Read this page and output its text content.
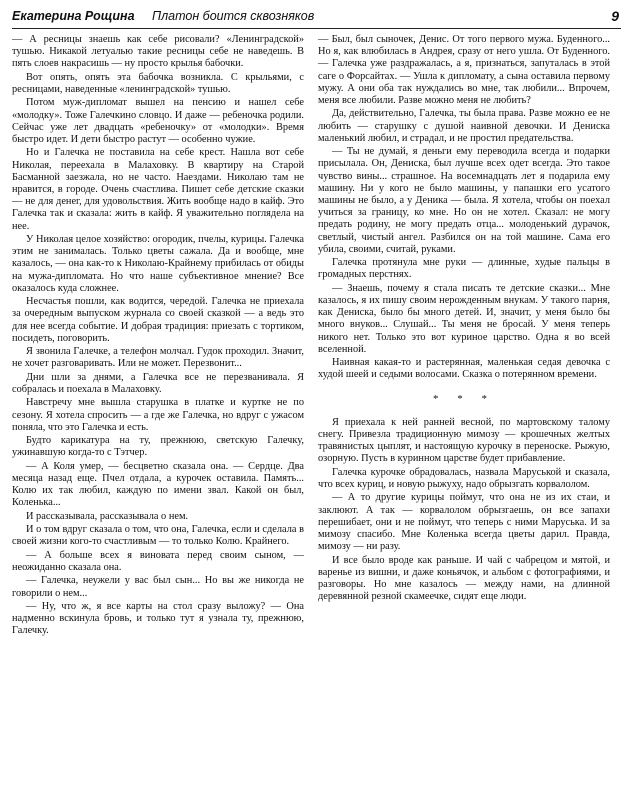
Екатерина Рощина Платон боится сквозняков	9

— А ресницы знаешь как себе рисовали? «Ленинградской» тушью. Никакой летуалью такие ресницы себе не наведешь. В пять слоев накрасишь — ну просто крылья бабочки.

Вот опять, опять эта бабочка возникла. С крыльями, с ресницами, наведенные «ленинградской» тушью.

Потом муж-дипломат вышел на пенсию и нашел себе «молодку». Тоже Галечкино словцо. И даже — ребеночка родили. Сейчас уже лет двадцать «ребеночку» от «молодки». Время быстро идет. И дети быстро растут — особенно чужие.

Но и Галечка не поставила на себе крест. Нашла вот себе Николая, переехала в Малаховку. В квартиру на Старой Басманной заезжала, но не часто. Наездами. Николаю там не нравится, в городе. Очень счастлива. Пишет себе детские сказки — не для денег, для удовольствия. Жить вообще надо в кайф. Это Галечка так и сказала: жить в кайф. Я уважительно поглядела на нее.

У Николая целое хозяйство: огородик, пчелы, курицы. Галечка этим не занималась. Только цветы сажала. Да и вообще, мне казалось, — она как-то к Николаю-Крайнему прибилась от обиды на мужа-дипломата. Но что наше субъективное мнение? Все оказалось куда сложнее.

Несчастья пошли, как водится, чередой. Галечка не приехала за очередным выпуском журнала со своей сказкой — а ведь это для нее всегда событие. И добрая традиция: приезать с тортиком, посидеть, поговорить.

Я звонила Галечке, а телефон молчал. Гудок проходил. Значит, не хочет разговаривать. Или не может. Перезвонит...

Дни шли за днями, а Галечка все не перезванивала. Я собралась и поехала в Малаховку.

Навстречу мне вышла старушка в платке и куртке не по сезону. Я хотела спросить — а где же Галечка, но вдруг с ужасом поняла, что это Галечка и есть.

Будто карикатура на ту, прежнюю, светскую Галечку, ужинавшую когда-то с Тэтчер.

— А Коля умер, — бесцветно сказала она. — Сердце. Два месяца назад еще. Пчел отдала, а курочек оставила. Память... Колю их так любил, каждую по имени звал. Какой он был, Коленька...

И рассказывала, рассказывала о нем.

И о том вдруг сказала о том, что она, Галечка, если и сделала в своей жизни кого-то счастливым — то только Колю. Крайнего.

— А больше всех я виновата перед своим сыном, — неожиданно сказала она.

— Галечка, неужели у вас был сын... Но вы же никогда не говорили о нем...

— Ну, что ж, я все карты на стол сразу выложу? — Она надменно вскинула бровь, и только тут я узнала ту, прежнюю, Галечку.

— Был, был сыночек, Денис. От того первого мужа. Буденного... Но я, как влюбилась в Андрея, сразу от него ушла. От Буденного. — Галечка уже раздражалась, а я, признаться, запуталась в этой саге о Форсайтах. — Ушла к дипломату, а сына оставила первому мужу. А они оба так нуждались во мне, так любили... Впрочем, меня все любили. Разве можно меня не любить?

Да, действительно, Галечка, ты была права. Разве можно ее не любить — старушку с душой наивной девочки. И Дениска маленький любил, и страдал, и не простил предательства.

— Ты не думай, я деньги ему переводила всегда и подарки присылала. Он, Дениска, был лучше всех одет всегда. Это такое чувство вины... страшное. На восемнадцать лет я подарила ему машину. Ни у кого не было машины, у папашки его усатого машины не было, а у Деника — была. Я хотела, чтобы он поехал учиться за границу, ко мне. Но он не хотел. Сказал: не могу предать родину, не могу предать отца... молоденький дурачок, светлый, чистый ангел. Разбился он на той машине. Сама его убила, своими, считай, руками.

Галечка протянула мне руки — длинные, худые пальцы в громадных перстнях.

— Знаешь, почему я стала писать те детские сказки... Мне казалось, я их пишу своим нерожденным внукам. У такого парня, как Дениска, было бы много детей. И, значит, у меня было бы много внуков... Слушай... Ты меня не бросай. У меня теперь никого нет. Только это вот куриное царство. Одна я во всей вселенной.

Наивная какая-то и растерянная, маленькая седая девочка с худой шеей и седыми волосами. Сказка о потерянном времени.

* * *

Я приехала к ней ранней весной, по мартовскому талому снегу. Привезла традиционную мимозу — крошечных желтых травянистых цыплят, и настоящую курочку в переноске. Рыжую, озорную. Пусть в куринном царстве будет прибавление.

Галечка курочке обрадовалась, назвала Маруськой и сказала, что всех куриц, и новую рыжуху, надо обрызгать корвалолом.

— А то другие курицы поймут, что она не из их стаи, и заклюют. А так — корвалолом обрызгаешь, он все запахи перешибает, они и не поймут, что теперь с ними Маруська. И за мимозу спасибо. Мне Коленька всегда цветы дарил. Правда, мимозу — ни разу.

И все было вроде как раньше. И чай с чабрецом и мятой, и варенье из вишни, и даже коньячок, и альбом с фотографиями, и разговоры. Но мне казалось — между нами, на длинной деревянной резной скамеечке, сидят еще люди.
